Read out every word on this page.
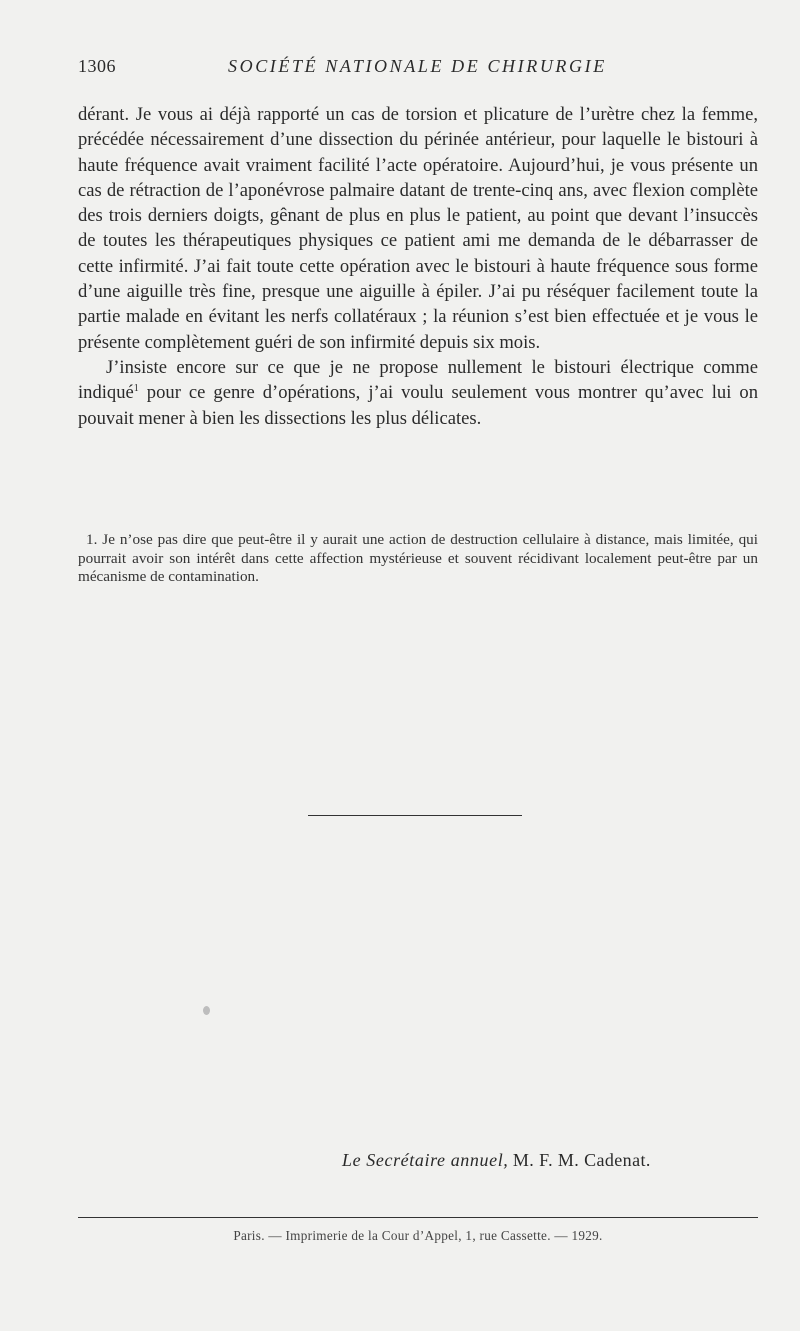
1306	SOCIÉTÉ NATIONALE DE CHIRURGIE

dérant. Je vous ai déjà rapporté un cas de torsion et plicature de l’urètre chez la femme, précédée nécessairement d’une dissection du périnée antérieur, pour laquelle le bistouri à haute fréquence avait vraiment facilité l’acte opératoire. Aujourd’hui, je vous présente un cas de rétraction de l’aponévrose palmaire datant de trente-cinq ans, avec flexion complète des trois derniers doigts, gênant de plus en plus le patient, au point que devant l’insuccès de toutes les thérapeutiques physiques ce patient ami me demanda de le débarrasser de cette infirmité. J’ai fait toute cette opération avec le bistouri à haute fréquence sous forme d’une aiguille très fine, presque une aiguille à épiler. J’ai pu réséquer facilement toute la partie malade en évitant les nerfs collatéraux ; la réunion s’est bien effectuée et je vous le présente complètement guéri de son infirmité depuis six mois.

J’insiste encore sur ce que je ne propose nullement le bistouri électrique comme indiqué$^1$ pour ce genre d’opérations, j’ai voulu seulement vous montrer qu’avec lui on pouvait mener à bien les dissections les plus délicates.

1. Je n’ose pas dire que peut-être il y aurait une action de destruction cellulaire à distance, mais limitée, qui pourrait avoir son intérêt dans cette affection mystérieuse et souvent récidivant localement peut-être par un mécanisme de contamination.

Le Secrétaire annuel, M. F. M. Cadenat.
Paris. — Imprimerie de la Cour d’Appel, 1, rue Cassette. — 1929.
